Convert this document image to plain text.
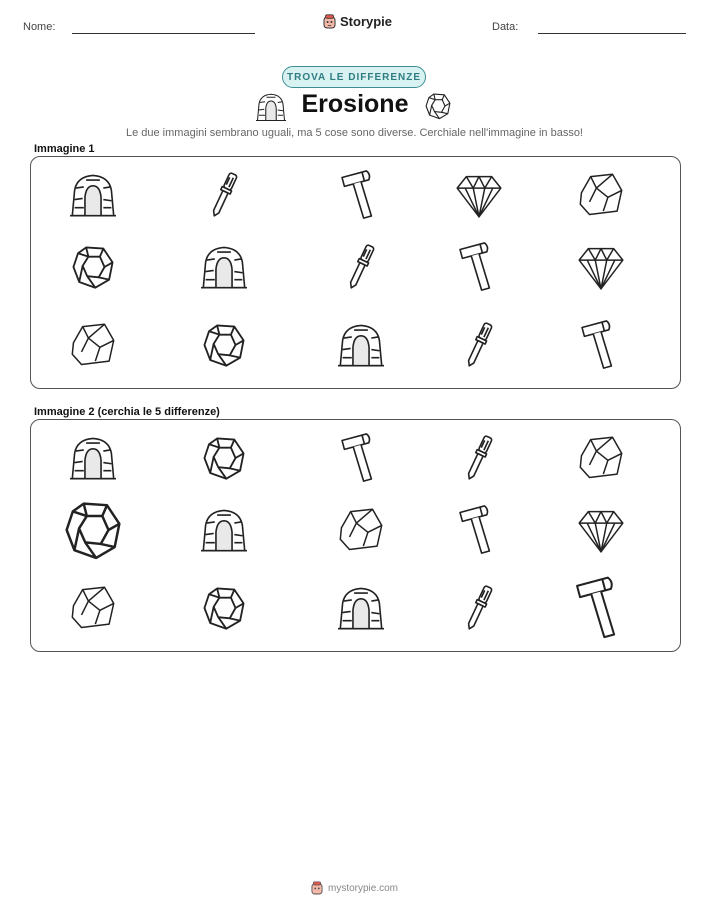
Nome:	Storypie	Data:
TROVA LE DIFFERENZE
Erosione
Le due immagini sembrano uguali, ma 5 cose sono diverse. Cerchiale nell'immagine in basso!
Immagine 1
Immagine 2 (cerchia le 5 differenze)
mystorypie.com
